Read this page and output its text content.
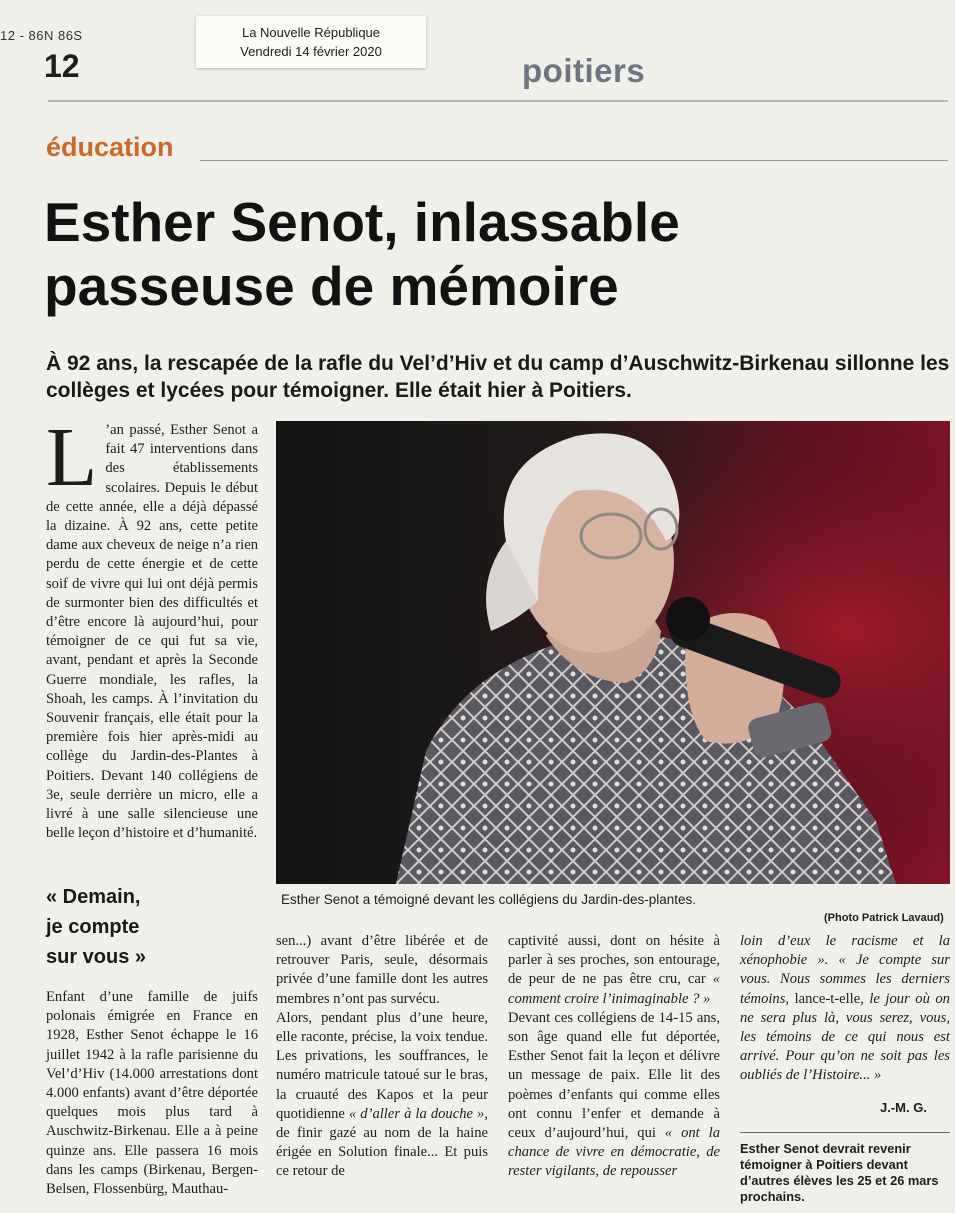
12 - 86N 86S
12
La Nouvelle République
Vendredi 14 février 2020
poitiers
éducation
Esther Senot, inlassable
passeuse de mémoire
À 92 ans, la rescapée de la rafle du Vel’d’Hiv et du camp d’Auschwitz-Birkenau sillonne les collèges et lycées pour témoigner. Elle était hier à Poitiers.
L ’an passé, Esther Senot a fait 47 interventions dans des établissements scolaires. Depuis le début de cette année, elle a déjà dépassé la dizaine. À 92 ans, cette petite dame aux cheveux de neige n’a rien perdu de cette énergie et de cette soif de vivre qui lui ont déjà permis de surmonter bien des difficultés et d’être encore là aujourd’hui, pour témoigner de ce qui fut sa vie, avant, pendant et après la Seconde Guerre mondiale, les rafles, la Shoah, les camps. À l’invitation du Souvenir français, elle était pour la première fois hier après-midi au collège du Jardin-des-Plantes à Poitiers. Devant 140 collégiens de 3e, seule derrière un micro, elle a livré à une salle silencieuse une belle leçon d’histoire et d’humanité.
Esther Senot a témoigné devant les collégiens du Jardin-des-plantes.
(Photo Patrick Lavaud)
« Demain,
je compte
sur vous »

Enfant d’une famille de juifs polonais émigrée en France en 1928, Esther Senot échappe le 16 juillet 1942 à la rafle parisienne du Vel’d’Hiv (14.000 arrestations dont 4.000 enfants) avant d’être déportée quelques mois plus tard à Auschwitz-Birkenau. Elle a à peine quinze ans. Elle passera 16 mois dans les camps (Birkenau, Bergen-Belsen, Flossenbürg, Mauthau-

sen...) avant d’être libérée et de retrouver Paris, seule, désormais privée d’une famille dont les autres membres n’ont pas survécu.

Alors, pendant plus d’une heure, elle raconte, précise, la voix tendue. Les privations, les souffrances, le numéro matricule tatoué sur le bras, la cruauté des Kapos et la peur quotidienne « d’aller à la douche », de finir gazé au nom de la haine érigée en Solution finale... Et puis ce retour de

captivité aussi, dont on hésite à parler à ses proches, son entourage, de peur de ne pas être cru, car « comment croire l’inimaginable ? »

Devant ces collégiens de 14-15 ans, son âge quand elle fut déportée, Esther Senot fait la leçon et délivre un message de paix. Elle lit des poèmes d’enfants qui comme elles ont connu l’enfer et demande à ceux d’aujourd’hui, qui « ont la chance de vivre en démocratie, de rester vigilants, de repousser

loin d’eux le racisme et la xénophobie ». « Je compte sur vous. Nous sommes les derniers témoins, lance-t-elle, le jour où on ne sera plus là, vous serez, vous, les témoins de ce qui nous est arrivé. Pour qu’on ne soit pas les oubliés de l’Histoire... »

J.-M. G.
Esther Senot devrait revenir témoigner à Poitiers devant d’autres élèves les 25 et 26 mars prochains.
